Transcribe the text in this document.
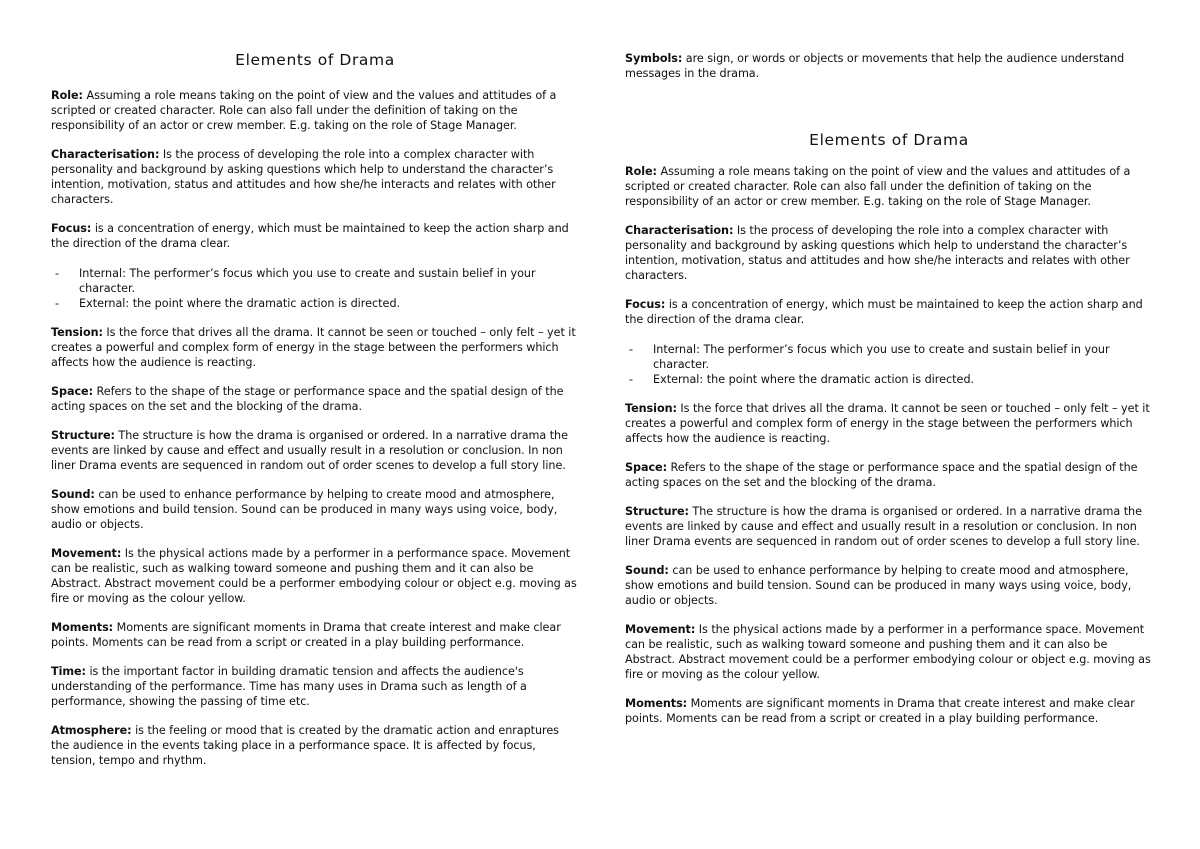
Elements of Drama

Role: Assuming a role means taking on the point of view and the values and attitudes of a scripted or created character. Role can also fall under the definition of taking on the responsibility of an actor or crew member. E.g. taking on the role of Stage Manager.

Characterisation: Is the process of developing the role into a complex character with personality and background by asking questions which help to understand the character’s intention, motivation, status and attitudes and how she/he interacts and relates with other characters.

Focus: is a concentration of energy, which must be maintained to keep the action sharp and the direction of the drama clear.

- Internal: The performer’s focus which you use to create and sustain belief in your character.
- External: the point where the dramatic action is directed.

Tension: Is the force that drives all the drama. It cannot be seen or touched – only felt – yet it creates a powerful and complex form of energy in the stage between the performers which affects how the audience is reacting.

Space: Refers to the shape of the stage or performance space and the spatial design of the acting spaces on the set and the blocking of the drama.

Structure: The structure is how the drama is organised or ordered. In a narrative drama the events are linked by cause and effect and usually result in a resolution or conclusion. In non liner Drama events are sequenced in random out of order scenes to develop a full story line.

Sound: can be used to enhance performance by helping to create mood and atmosphere, show emotions and build tension. Sound can be produced in many ways using voice, body, audio or objects.

Movement: Is the physical actions made by a performer in a performance space. Movement can be realistic, such as walking toward someone and pushing them and it can also be Abstract. Abstract movement could be a performer embodying colour or object e.g. moving as fire or moving as the colour yellow.

Moments: Moments are significant moments in Drama that create interest and make clear points. Moments can be read from a script or created in a play building performance.

Time: is the important factor in building dramatic tension and affects the audience's understanding of the performance. Time has many uses in Drama such as length of a performance, showing the passing of time etc.

Atmosphere: is the feeling or mood that is created by the dramatic action and enraptures the audience in the events taking place in a performance space. It is affected by focus, tension, tempo and rhythm.

Symbols: are sign, or words or objects or movements that help the audience understand messages in the drama.

Elements of Drama

Role: Assuming a role means taking on the point of view and the values and attitudes of a scripted or created character. Role can also fall under the definition of taking on the responsibility of an actor or crew member. E.g. taking on the role of Stage Manager.

Characterisation: Is the process of developing the role into a complex character with personality and background by asking questions which help to understand the character’s intention, motivation, status and attitudes and how she/he interacts and relates with other characters.

Focus: is a concentration of energy, which must be maintained to keep the action sharp and the direction of the drama clear.

- Internal: The performer’s focus which you use to create and sustain belief in your character.
- External: the point where the dramatic action is directed.

Tension: Is the force that drives all the drama. It cannot be seen or touched – only felt – yet it creates a powerful and complex form of energy in the stage between the performers which affects how the audience is reacting.

Space: Refers to the shape of the stage or performance space and the spatial design of the acting spaces on the set and the blocking of the drama.

Structure: The structure is how the drama is organised or ordered. In a narrative drama the events are linked by cause and effect and usually result in a resolution or conclusion. In non liner Drama events are sequenced in random out of order scenes to develop a full story line.

Sound: can be used to enhance performance by helping to create mood and atmosphere, show emotions and build tension. Sound can be produced in many ways using voice, body, audio or objects.

Movement: Is the physical actions made by a performer in a performance space. Movement can be realistic, such as walking toward someone and pushing them and it can also be Abstract. Abstract movement could be a performer embodying colour or object e.g. moving as fire or moving as the colour yellow.

Moments: Moments are significant moments in Drama that create interest and make clear points. Moments can be read from a script or created in a play building performance.
